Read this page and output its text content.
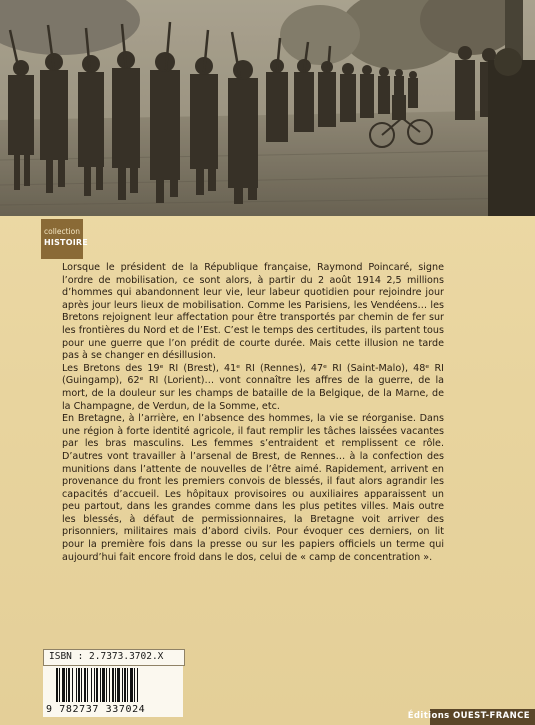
collection
HISTOIRE

Lorsque le président de la République française, Raymond Poincaré, signe l’ordre de mobilisation, ce sont alors, à partir du 2 août 1914 2,5 millions d’hommes qui abandonnent leur vie, leur labeur quotidien pour rejoindre jour après jour leurs lieux de mobilisation. Comme les Parisiens, les Vendéens… les Bretons rejoignent leur affectation pour être transportés par chemin de fer sur les frontières du Nord et de l’Est. C’est le temps des certitudes, ils partent tous pour une guerre que l’on prédit de courte durée. Mais cette illusion ne tarde pas à se changer en désillusion.

Les Bretons des 19ᵉ RI (Brest), 41ᵉ RI (Rennes), 47ᵉ RI (Saint-Malo), 48ᵉ RI (Guingamp), 62ᵉ RI (Lorient)… vont connaître les affres de la guerre, de la mort, de la douleur sur les champs de bataille de la Belgique, de la Marne, de la Champagne, de Verdun, de la Somme, etc.

En Bretagne, à l’arrière, en l’absence des hommes, la vie se réorganise. Dans une région à forte identité agricole, il faut remplir les tâches laissées vacantes par les bras masculins. Les femmes s’entraident et remplissent ce rôle. D’autres vont travailler à l’arsenal de Brest, de Rennes… à la confection des munitions dans l’attente de nouvelles de l’être aimé. Rapidement, arrivent en provenance du front les premiers convois de blessés, il faut alors agrandir les capacités d’accueil. Les hôpitaux provisoires ou auxiliaires apparaissent un peu partout, dans les grandes comme dans les plus petites villes. Mais outre les blessés, à défaut de permissionnaires, la Bretagne voit arriver des prisonniers, militaires mais d’abord civils. Pour évoquer ces derniers, on lit pour la première fois dans la presse ou sur les papiers officiels un terme qui aujourd’hui fait encore froid dans le dos, celui de « camp de concentration ».

ISBN : 2.7373.3702.X
9 782737 337024
Éditions OUEST-FRANCE
